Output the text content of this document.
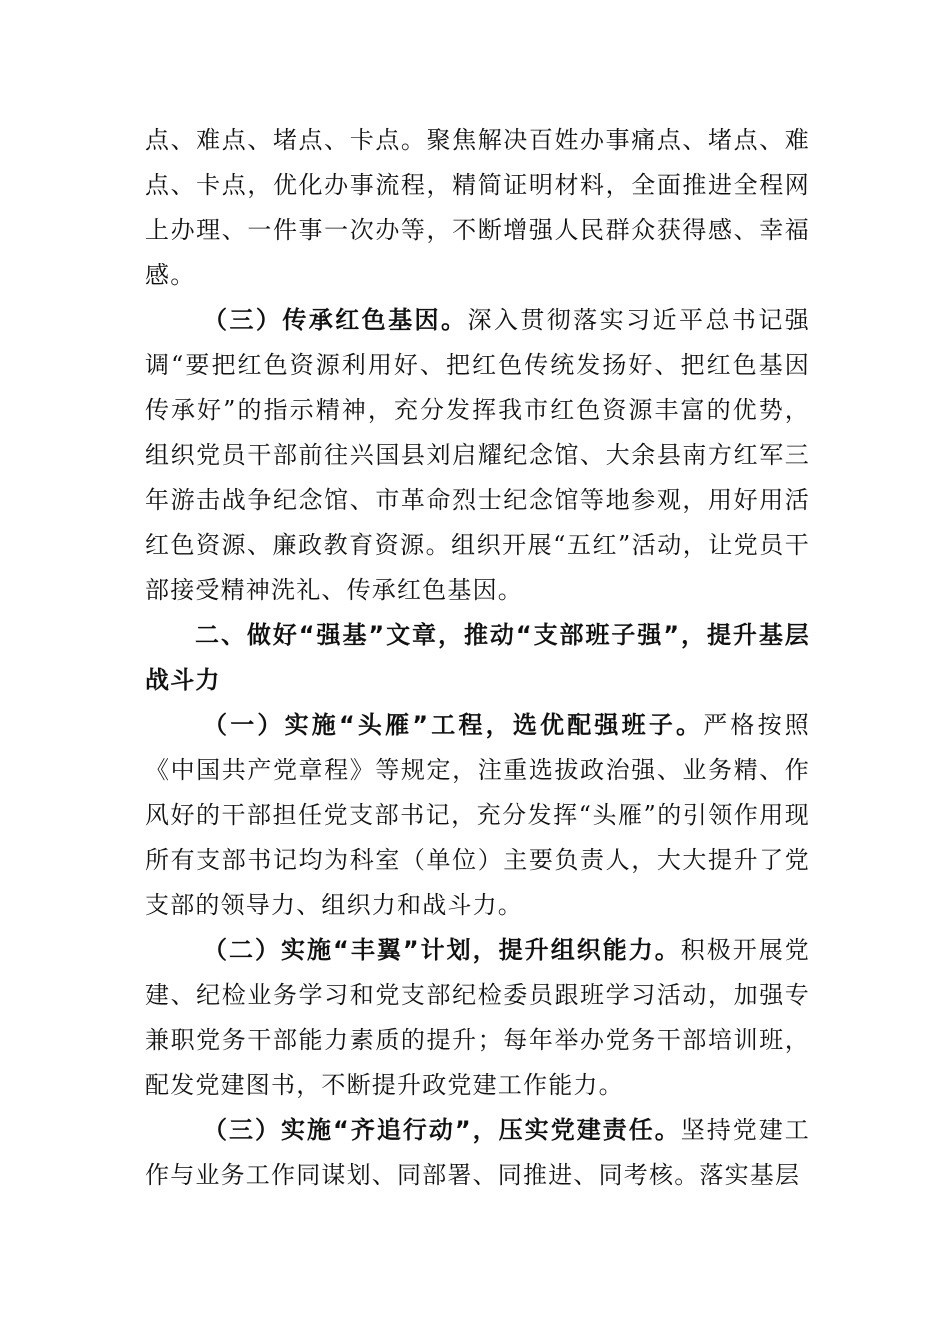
点、难点、堵点、卡点。聚焦解决百姓办事痛点、堵点、难点、卡点，优化办事流程，精简证明材料，全面推进全程网上办理、一件事一次办等，不断增强人民群众获得感、幸福感。

（三）传承红色基因。深入贯彻落实习近平总书记强调“要把红色资源利用好、把红色传统发扬好、把红色基因传承好”的指示精神，充分发挥我市红色资源丰富的优势，组织党员干部前往兴国县刘启耀纪念馆、大余县南方红军三年游击战争纪念馆、市革命烈士纪念馆等地参观，用好用活红色资源、廉政教育资源。组织开展“五红”活动，让党员干部接受精神洗礼、传承红色基因。

二、做好“强基”文章，推动“支部班子强”，提升基层战斗力

（一）实施“头雁”工程，选优配强班子。严格按照《中国共产党章程》等规定，注重选拔政治强、业务精、作风好的干部担任党支部书记，充分发挥“头雁”的引领作用现所有支部书记均为科室（单位）主要负责人，大大提升了党支部的领导力、组织力和战斗力。

（二）实施“丰翼”计划，提升组织能力。积极开展党建、纪检业务学习和党支部纪检委员跟班学习活动，加强专兼职党务干部能力素质的提升；每年举办党务干部培训班，配发党建图书，不断提升政党建工作能力。

（三）实施“齐追行动”，压实党建责任。坚持党建工作与业务工作同谋划、同部署、同推进、同考核。落实基层
